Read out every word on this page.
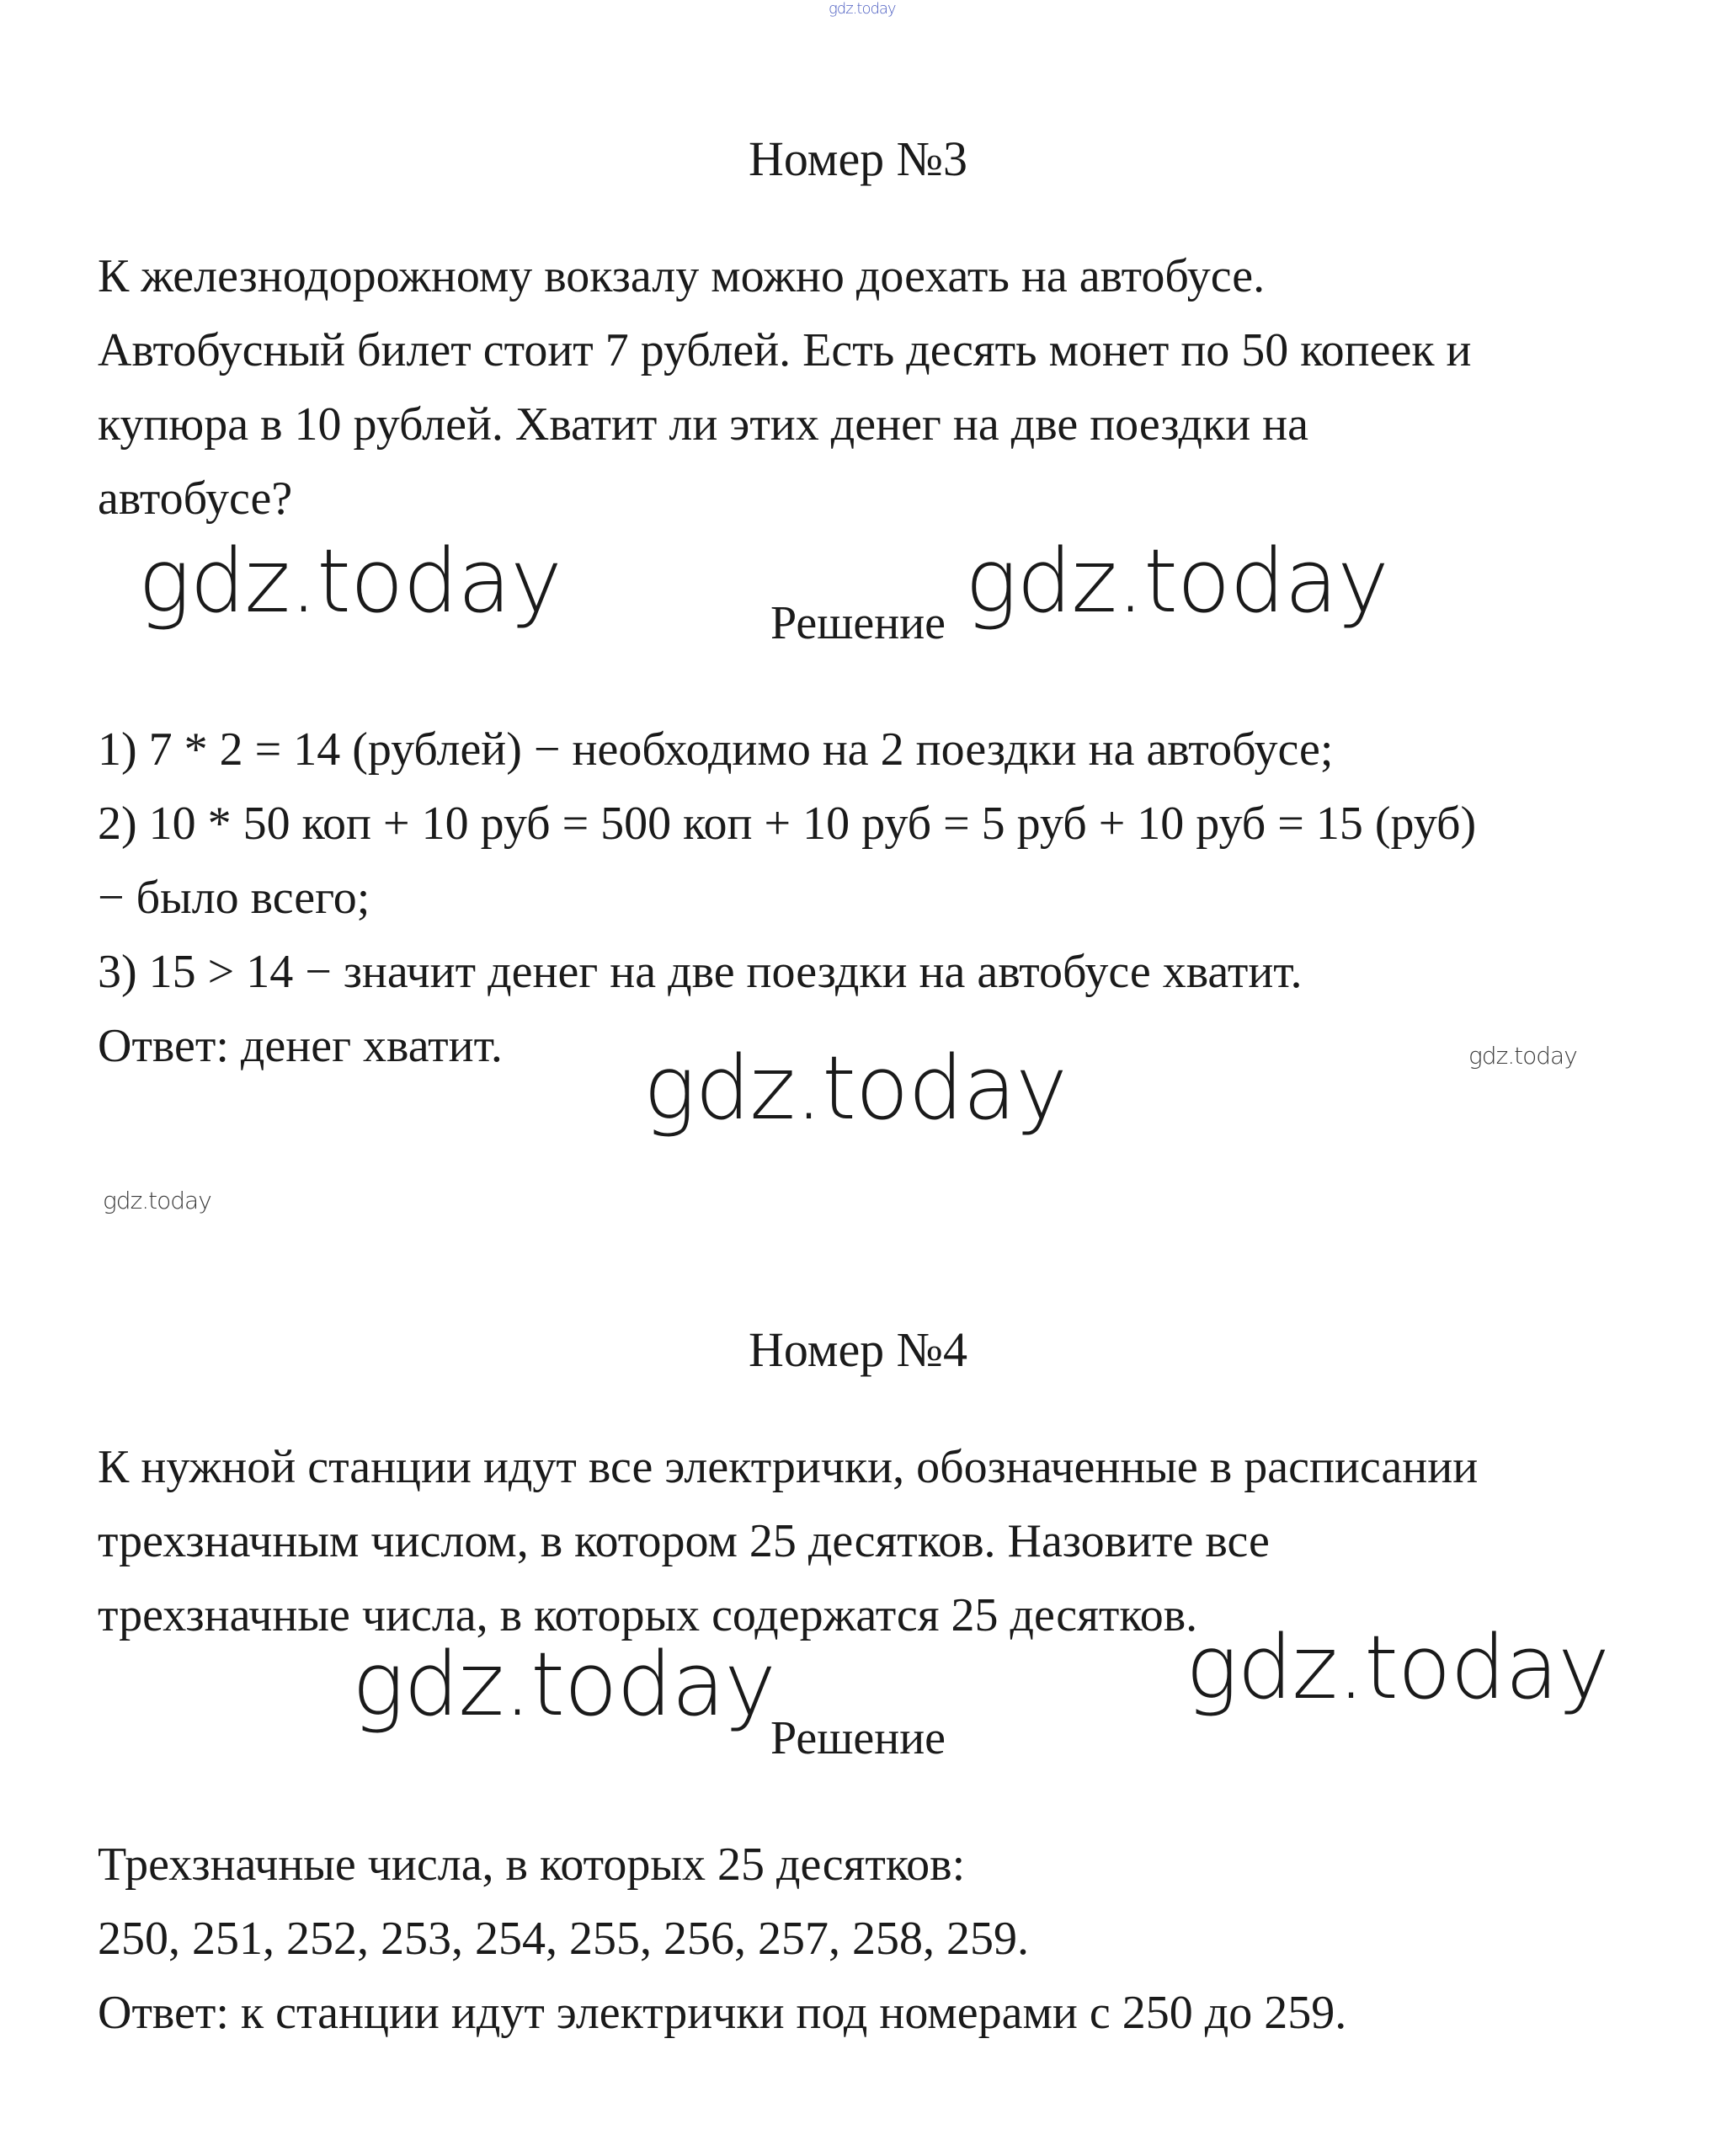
gdz.today
Номер №3
К железнодорожному вокзалу можно доехать на автобусе.
Автобусный билет стоит 7 рублей. Есть десять монет по 50 копеек и
купюра в 10 рублей. Хватит ли этих денег на две поездки на
автобусе?
gdz.today	gdz.today
Решение
1) 7 * 2 = 14 (рублей) − необходимо на 2 поездки на автобусе;
2) 10 * 50 коп + 10 руб = 500 коп + 10 руб = 5 руб + 10 руб = 15 (руб)
− было всего;
3) 15 > 14 − значит денег на две поездки на автобусе хватит.
Ответ: денег хватит.	gdz.today	gdz.today
gdz.today
Номер №4
К нужной станции идут все электрички, обозначенные в расписании
трехзначным числом, в котором 25 десятков. Назовите все
трехзначные числа, в которых содержатся 25 десятков.
gdz.today	gdz.today
Решение
Трехзначные числа, в которых 25 десятков:
250, 251, 252, 253, 254, 255, 256, 257, 258, 259.
Ответ: к станции идут электрички под номерами с 250 до 259.
